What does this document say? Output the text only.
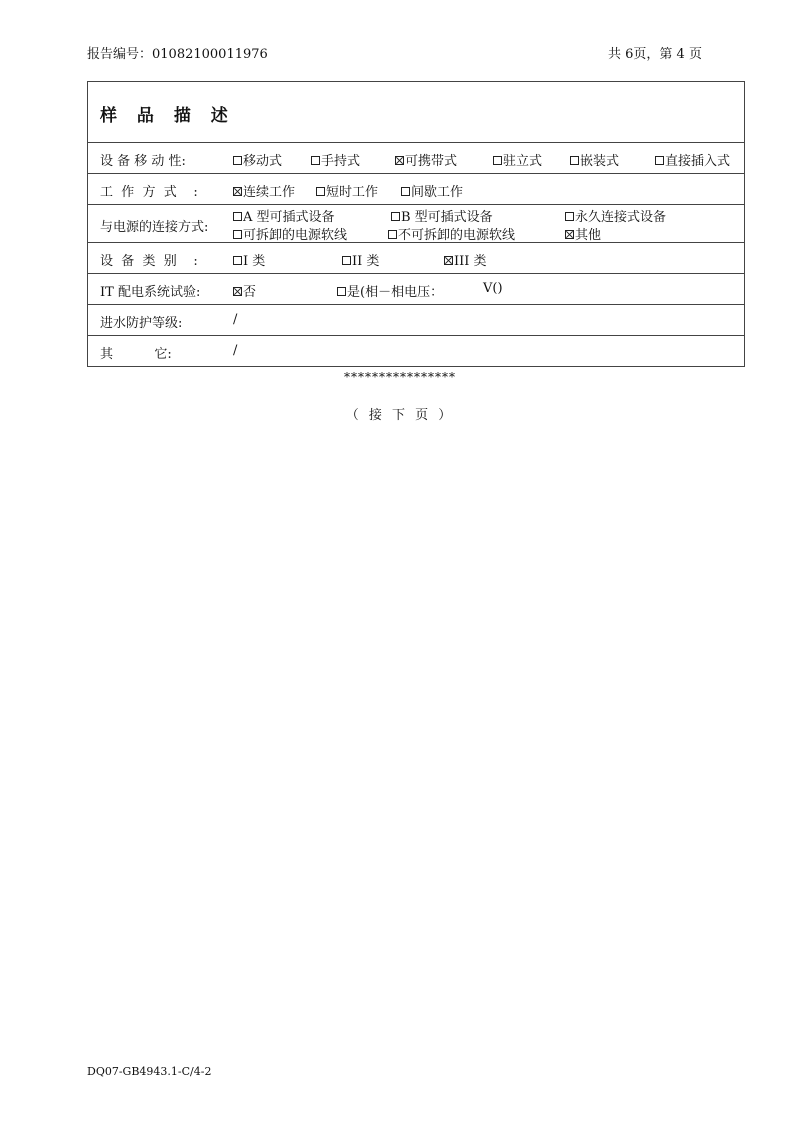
报告编号：01082100011976	共 6页，第 4 页
样 品 描 述
设 备 移 动 性:	移动式	手持式	可携带式	驻立式	嵌装式	直接插入式
工  作  方  式    :	连续工作	短时工作	间歇工作
与电源的连接方式:
A 型可插式设备	B 型可插式设备	永久连接式设备
可拆卸的电源软线	不可拆卸的电源软线	其他
设  备  类  别    :	I 类	II 类	III 类
IT 配电系统试验:	否	是(相－相电压：	V()
进水防护等级:	/
其          它:	/
****************
（ 接 下 页 ）
DQ07-GB4943.1-C/4-2
